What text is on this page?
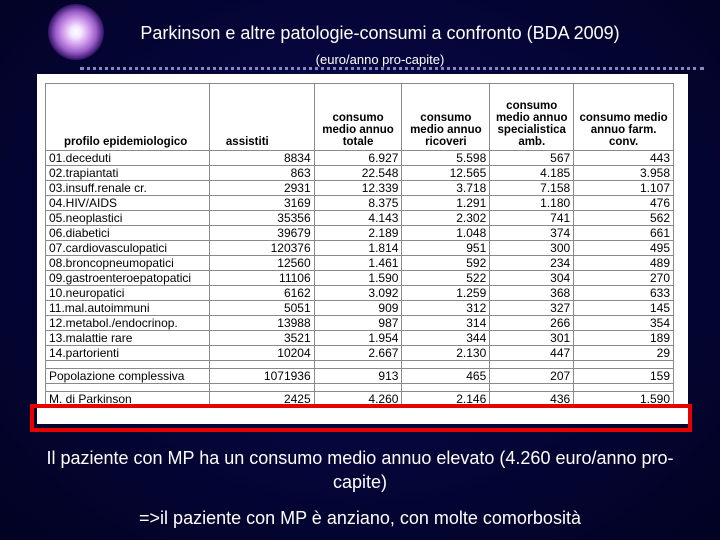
Parkinson e altre patologie-consumi a confronto (BDA 2009) (euro/anno pro-capite)
profilo epidemiologico	assistiti	consumo medio annuo totale	consumo medio annuo ricoveri	consumo medio annuo specialistica amb.	consumo medio annuo farm. conv.
01.deceduti	8834	6.927	5.598	567	443
02.trapiantati	863	22.548	12.565	4.185	3.958
03.insuff.renale cr.	2931	12.339	3.718	7.158	1.107
04.HIV/AIDS	3169	8.375	1.291	1.180	476
05.neoplastici	35356	4.143	2.302	741	562
06.diabetici	39679	2.189	1.048	374	661
07.cardiovasculopatici	120376	1.814	951	300	495
08.broncopneumopatici	12560	1.461	592	234	489
09.gastroenteroepatopatici	11106	1.590	522	304	270
10.neuropatici	6162	3.092	1.259	368	633
11.mal.autoimmuni	5051	909	312	327	145
12.metabol./endocrinop.	13988	987	314	266	354
13.malattie rare	3521	1.954	344	301	189
14.partorienti	10204	2.667	2.130	447	29

Popolazione complessiva	1071936	913	465	207	159

M. di Parkinson	2425	4.260	2.146	436	1.590
Il paziente con MP ha un consumo medio annuo elevato (4.260 euro/anno pro-capite)
=>il paziente con MP è anziano, con molte comorbosità
